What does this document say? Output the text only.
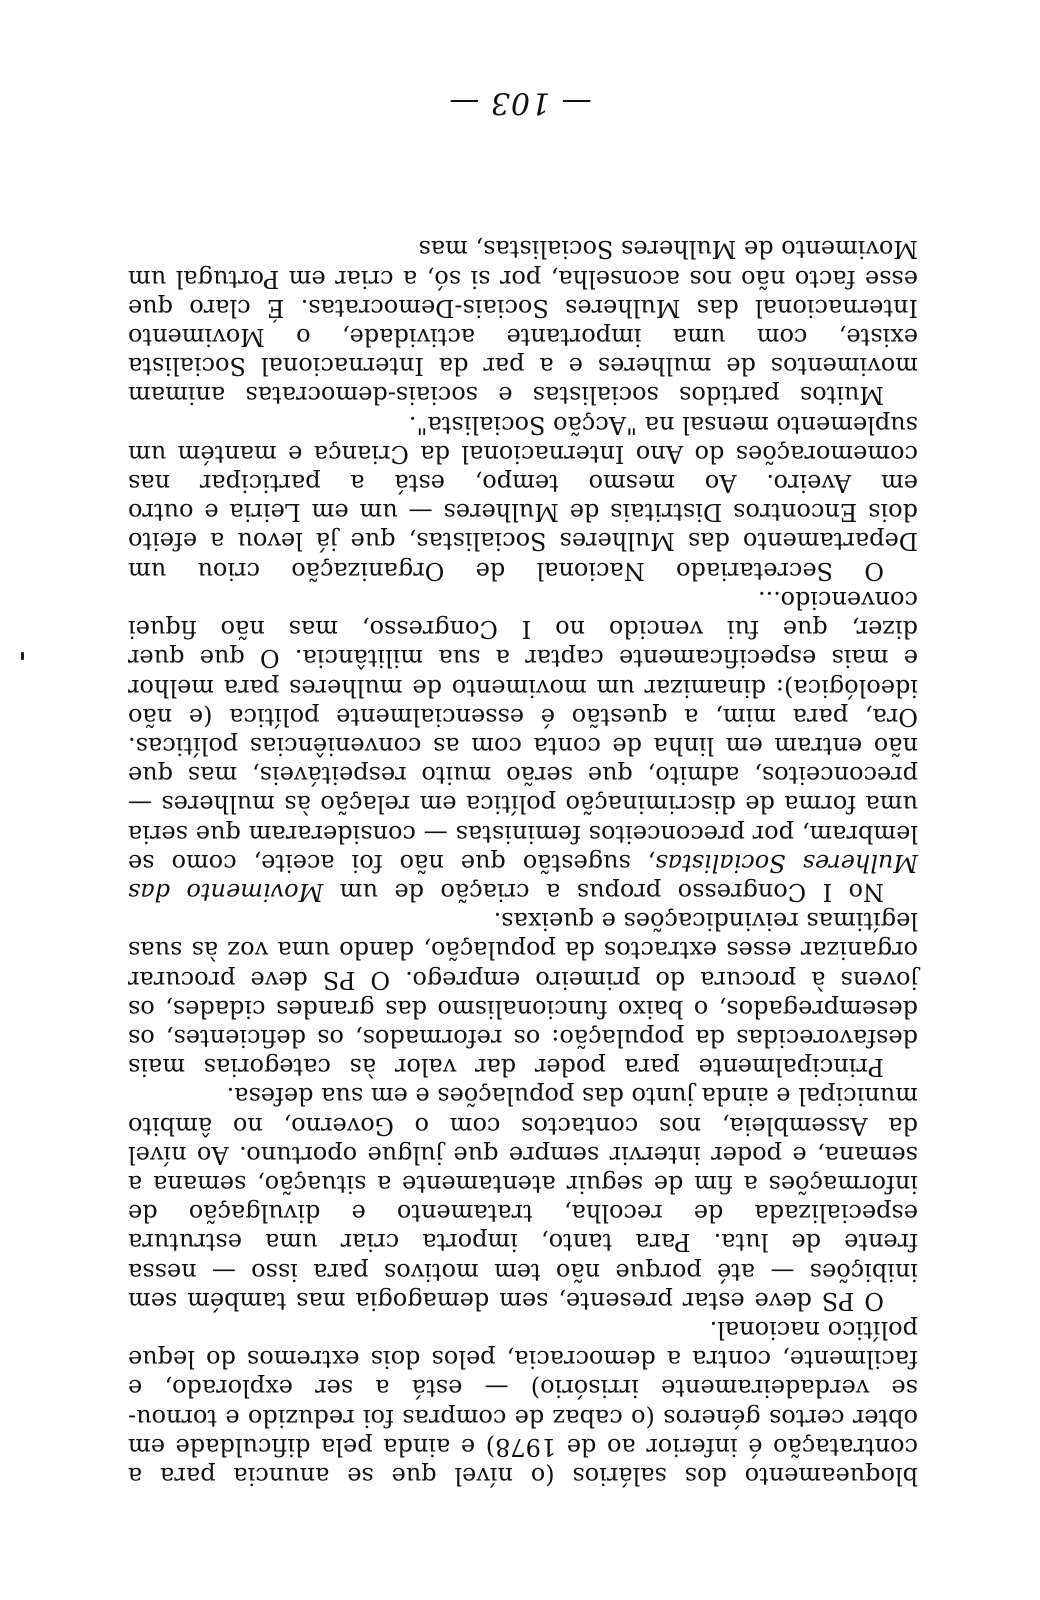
bloqueamento dos salários (o nível que se anuncia para a contratação é inferior ao de 1978) e ainda pela dificuldade em obter certos géneros (o cabaz de compras foi reduzido e tornou-se verdadeiramente irrisório) — está a ser explorado, e facilmente, contra a democracia, pelos dois extremos do leque político nacional.

O PS deve estar presente, sem demagogia mas também sem inibições — até porque não tem motivos para isso — nessa frente de luta. Para tanto, importa criar uma estrutura especializada de recolha, tratamento e divulgação de informações a fim de seguir atentamente a situação, semana a semana, e poder intervir sempre que julgue oportuno. Ao nível da Assembleia, nos contactos com o Governo, no âmbito municipal e ainda junto das populações e em sua defesa.

Principalmente para poder dar valor às categorias mais desfavorecidas da população: os reformados, os deficientes, os desempregados, o baixo funcionalismo das grandes cidades, os jovens à procura do primeiro emprego. O PS deve procurar organizar esses extractos da população, dando uma voz às suas legítimas reivindicações e queixas.

No I Congresso propus a criação de um Movimento das Mulheres Socialistas, sugestão que não foi aceite, como se lembram, por preconceitos feministas — consideraram que seria uma forma de discriminação política em relação às mulheres — preconceitos, admito, que serão muito respeitáveis, mas que não entram em linha de conta com as conveniências políticas. Ora, para mim, a questão é essencialmente política (e não ideológica): dinamizar um movimento de mulheres para melhor e mais especificamente captar a sua militância. O que quer dizer, que fui vencido no I Congresso, mas não fiquei convencido...

O Secretariado Nacional de Organização criou um Departamento das Mulheres Socialistas, que já levou a efeito dois Encontros Distritais de Mulheres — um em Leiria e outro em Aveiro. Ao mesmo tempo, está a participar nas comemorações do Ano Internacional da Criança e mantém um suplemento mensal na "Acção Socialista".

Muitos partidos socialistas e sociais-democratas animam movimentos de mulheres e a par da Internacional Socialista existe, com uma importante actividade, o Movimento Internacional das Mulheres Sociais-Democratas. É claro que esse facto não nos aconselha, por si só, a criar em Portugal um Movimento de Mulheres Socialistas, mas

— 103 —
